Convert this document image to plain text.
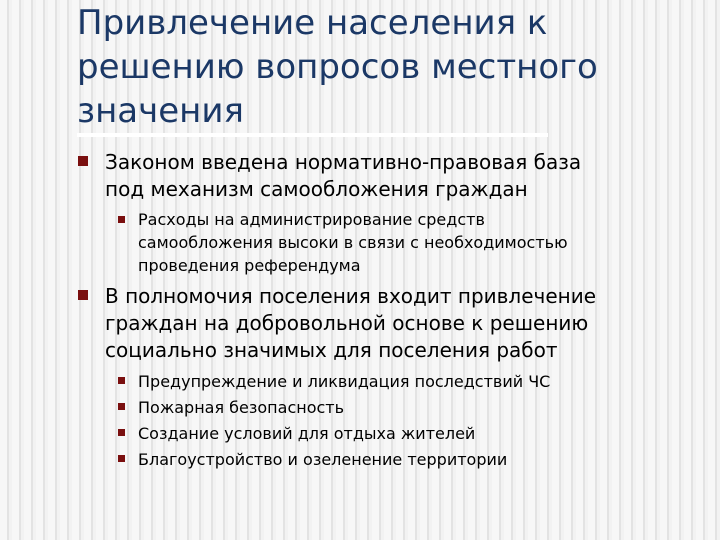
Привлечение населения к
решению вопросов местного
значения
Законом введена нормативно-правовая база
под механизм самообложения граждан
Расходы на администрирование средств
самообложения высоки в связи с необходимостью
проведения референдума
В полномочия поселения входит привлечение
граждан на добровольной основе к решению
социально значимых для поселения работ
Предупреждение и ликвидация последствий ЧС
Пожарная безопасность
Создание условий для отдыха жителей
Благоустройство и озеленение территории
